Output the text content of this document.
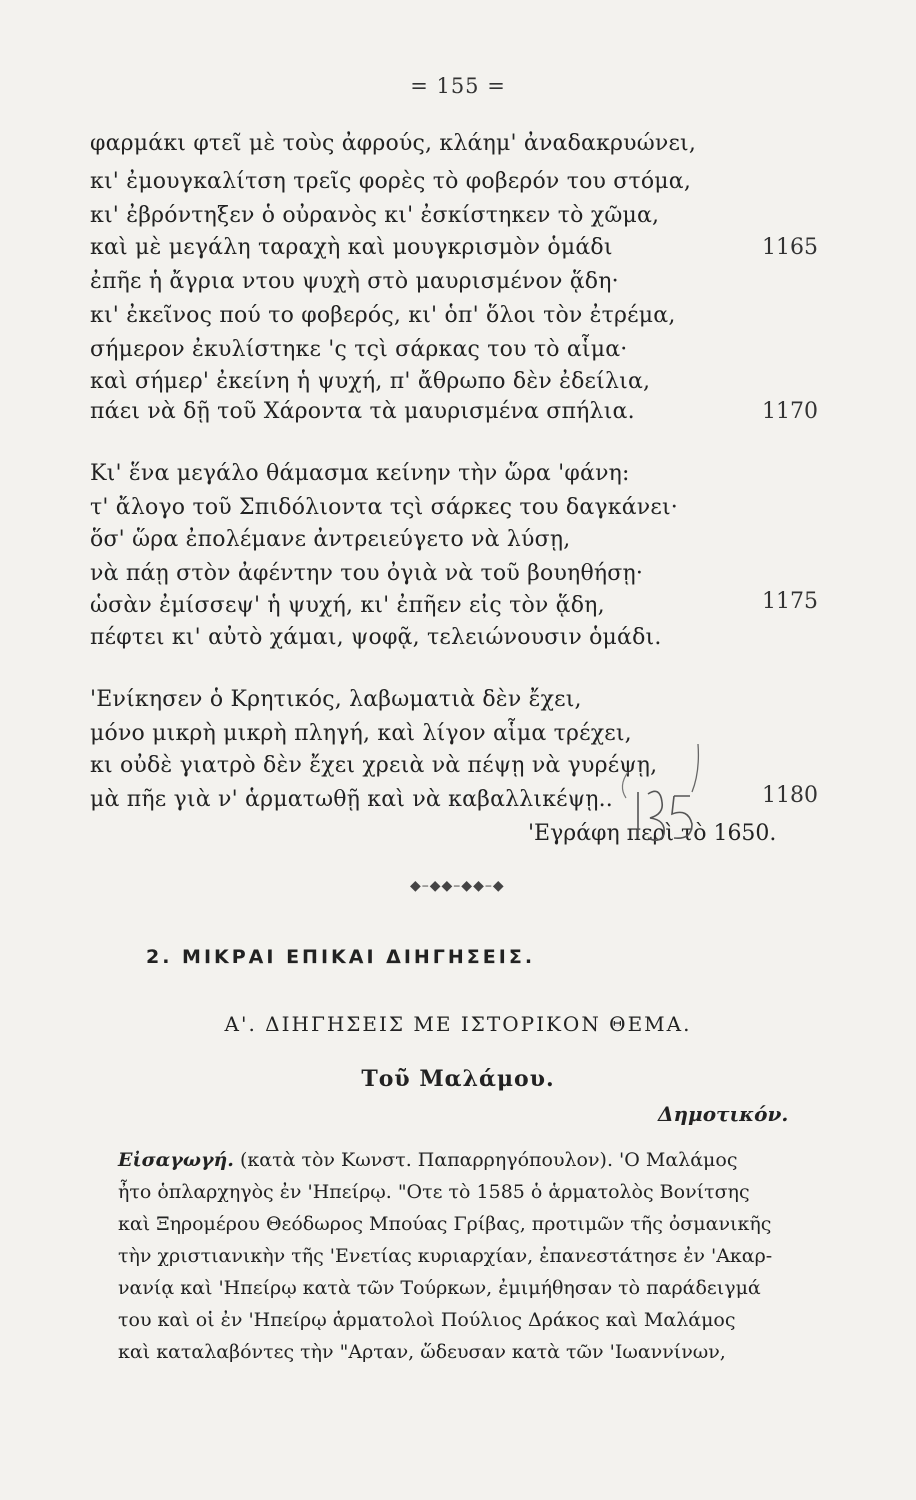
= 155 =
φαρμάκι φτεῖ μὲ τοὺς ἀφρούς, κλάημ' ἀναδακρυώνει,
κι' ἐμουγκαλίτση τρεῖς φορὲς τὸ φοβερόν του στόμα,
κι' ἐβρόντηξεν ὁ οὐρανὸς κι' ἐσκίστηκεν τὸ χῶμα,
καὶ μὲ μεγάλη ταραχὴ καὶ μουγκρισμὸν ὁμάδι	1165
ἐπῆε ἡ ἄγρια ντου ψυχὴ στὸ μαυρισμένον ᾅδη·
κι' ἐκεῖνος πού το φοβερός, κι' ὁπ' ὅλοι τὸν ἐτρέμα,
σήμερον ἐκυλίστηκε 'ς τςὶ σάρκας του τὸ αἷμα·
καὶ σήμερ' ἐκείνη ἡ ψυχή, π' ἄθρωπο δὲν ἐδείλια,
πάει νὰ δῇ τοῦ Χάροντα τὰ μαυρισμένα σπήλια.	1170
Κι' ἕνα μεγάλο θάμασμα κείνην τὴν ὥρα 'φάνη:
τ' ἄλογο τοῦ Σπιδόλιοντα τςὶ σάρκες του δαγκάνει·
ὅσ' ὥρα ἐπολέμανε ἀντρειεύγετο νὰ λύσῃ,
νὰ πάῃ στὸν ἀφέντην του ὀγιὰ νὰ τοῦ βουηθήσῃ·
ὡσὰν ἐμίσσεψ' ἡ ψυχή, κι' ἐπῆεν εἰς τὸν ᾅδη,	1175
πέφτει κι' αὐτὸ χάμαι, ψοφᾷ, τελειώνουσιν ὁμάδι.
'Ενίκησεν ὁ Κρητικός, λαβωματιὰ δὲν ἔχει,
μόνο μικρὴ μικρὴ πληγή, καὶ λίγον αἷμα τρέχει,
κι οὐδὲ γιατρὸ δὲν ἔχει χρειὰ νὰ πέψῃ νὰ γυρέψῃ,
μὰ πῆε γιὰ ν' ἁρματωθῇ καὶ νὰ καβαλλικέψῃ..	1180
'Εγράφη περὶ τὸ 1650.
◆–◆◆–◆◆–◆
2. ΜΙΚΡΑΙ ΕΠΙΚΑΙ ΔΙΗΓΗΣΕΙΣ.
Α'. ΔΙΗΓΗΣΕΙΣ ΜΕ ΙΣΤΟΡΙΚΟΝ ΘΕΜΑ.
Τοῦ Μαλάμου.
Δημοτικόν.
Εἰσαγωγή. (κατὰ τὸν Κωνστ. Παπαρρηγόπουλον). 'Ο Μαλάμος
ἦτο ὁπλαρχηγὸς ἐν 'Ηπείρῳ. "Οτε τὸ 1585 ὁ ἁρματολὸς Βονίτσης
καὶ Ξηρομέρου Θεόδωρος Μπούας Γρίβας, προτιμῶν τῆς ὀσμανικῆς
τὴν χριστιανικὴν τῆς 'Ενετίας κυριαρχίαν, ἐπανεστάτησε ἐν 'Ακαρ-
νανίᾳ καὶ 'Ηπείρῳ κατὰ τῶν Τούρκων, ἐμιμήθησαν τὸ παράδειγμά
του καὶ οἱ ἐν 'Ηπείρῳ ἁρματολοὶ Πούλιος Δράκος καὶ Μαλάμος
καὶ καταλαβόντες τὴν "Αρταν, ὥδευσαν κατὰ τῶν 'Ιωαννίνων,
